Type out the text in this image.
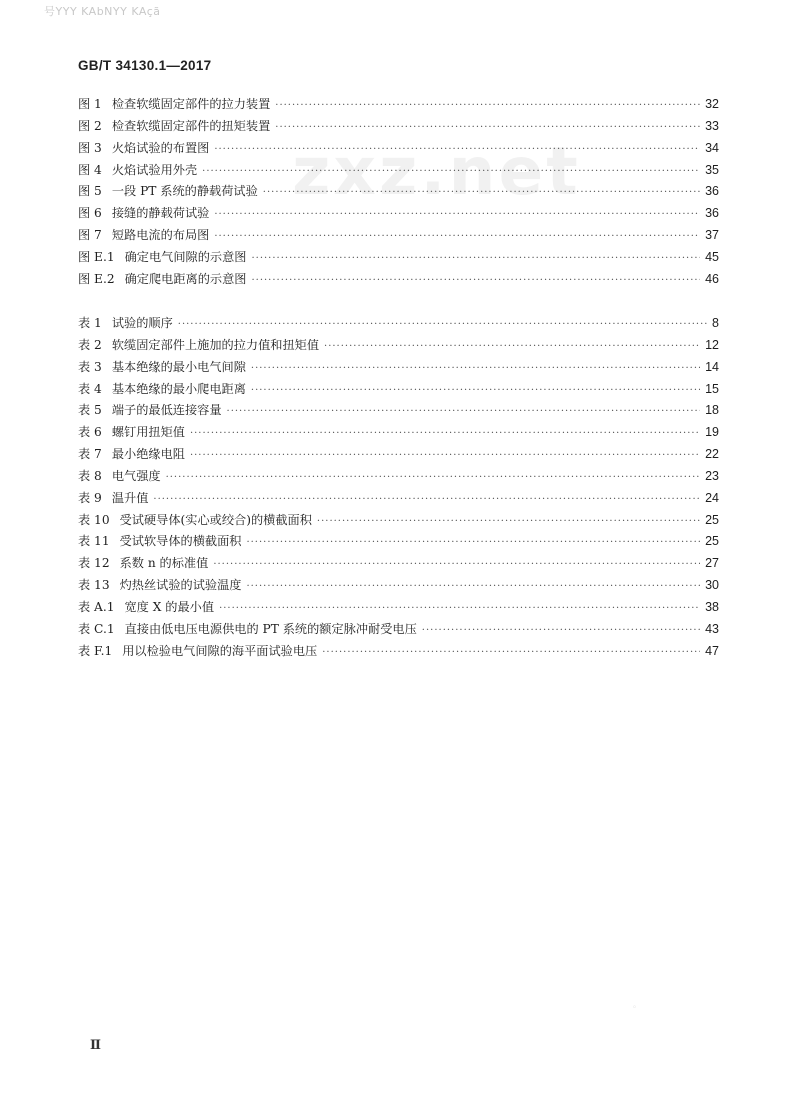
号YYY KAbNYY KAçã
GB/T 34130.1—2017
zxz.net
图 1 检查软缆固定部件的拉力装置 ·····	32
图 2 检查软缆固定部件的扭矩装置 ·····	33
图 3 火焰试验的布置图 ·····	34
图 4 火焰试验用外壳 ·····	35
图 5 一段 PT 系统的静载荷试验 ·····	36
图 6 接缝的静载荷试验 ·····	36
图 7 短路电流的布局图 ·····	37
图 E.1 确定电气间隙的示意图 ·····	45
图 E.2 确定爬电距离的示意图 ·····	46
表 1 试验的顺序 ·····	8
表 2 软缆固定部件上施加的拉力值和扭矩值 ·····	12
表 3 基本绝缘的最小电气间隙 ·····	14
表 4 基本绝缘的最小爬电距离 ·····	15
表 5 端子的最低连接容量 ·····	18
表 6 螺钉用扭矩值 ·····	19
表 7 最小绝缘电阻 ·····	22
表 8 电气强度 ·····	23
表 9 温升值 ·····	24
表 10 受试硬导体(实心或绞合)的横截面积 ·····	25
表 11 受试软导体的横截面积 ·····	25
表 12 系数 n 的标准值 ·····	27
表 13 灼热丝试验的试验温度 ·····	30
表 A.1 宽度 X 的最小值 ·····	38
表 C.1 直接由低电压电源供电的 PT 系统的额定脉冲耐受电压 ·····	43
表 F.1 用以检验电气间隙的海平面试验电压 ·····	47
。
Ⅱ
